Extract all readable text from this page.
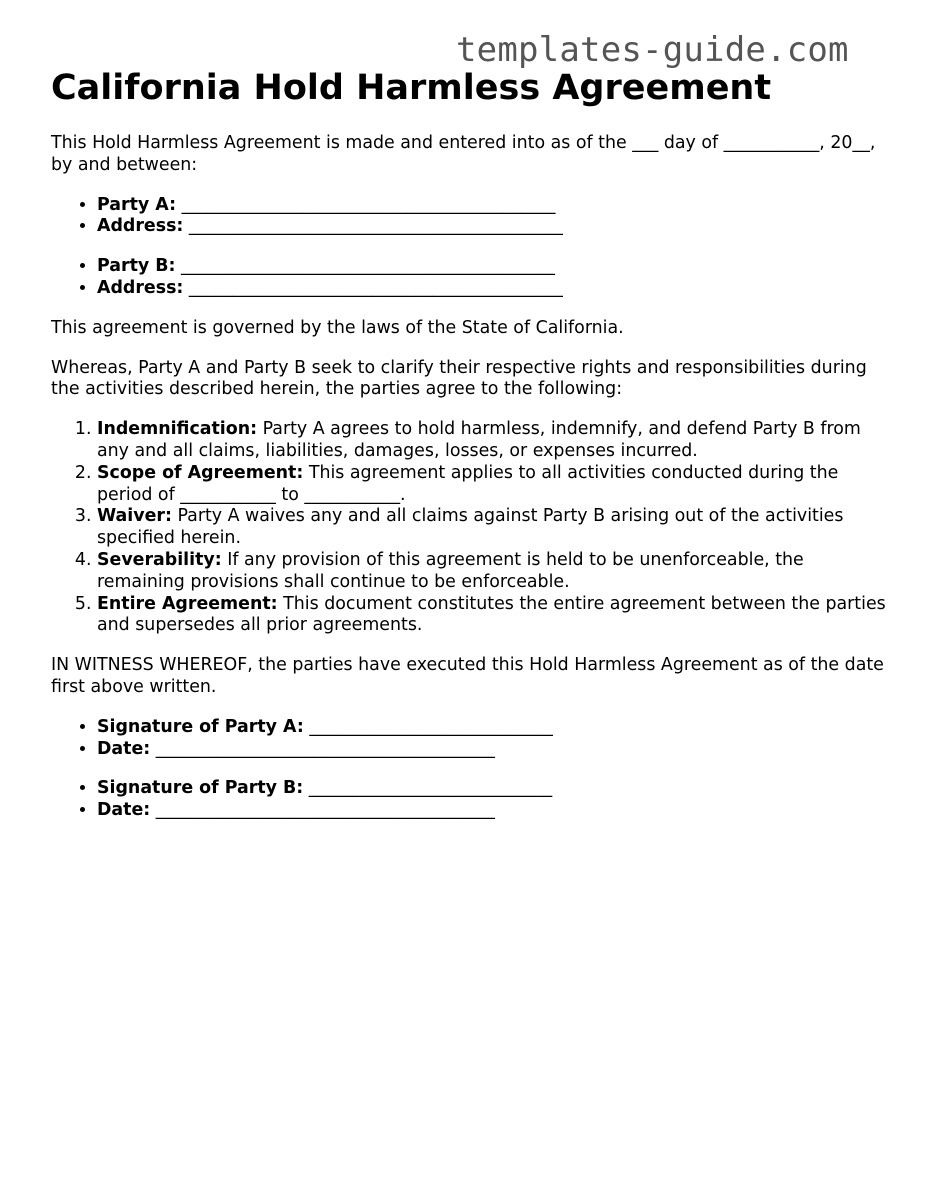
templates-guide.com
California Hold Harmless Agreement

This Hold Harmless Agreement is made and entered into as of the ___ day of ___________, 20__, by and between:

• Party A: ___________________________________________
• Address: ___________________________________________
• Party B: ___________________________________________
• Address: ___________________________________________

This agreement is governed by the laws of the State of California.

Whereas, Party A and Party B seek to clarify their respective rights and responsibilities during the activities described herein, the parties agree to the following:

1. Indemnification: Party A agrees to hold harmless, indemnify, and defend Party B from any and all claims, liabilities, damages, losses, or expenses incurred.
2. Scope of Agreement: This agreement applies to all activities conducted during the period of ___________ to ___________.
3. Waiver: Party A waives any and all claims against Party B arising out of the activities specified herein.
4. Severability: If any provision of this agreement is held to be unenforceable, the remaining provisions shall continue to be enforceable.
5. Entire Agreement: This document constitutes the entire agreement between the parties and supersedes all prior agreements.

IN WITNESS WHEREOF, the parties have executed this Hold Harmless Agreement as of the date first above written.

• Signature of Party A: ____________________________
• Date: _______________________________________
• Signature of Party B: ____________________________
• Date: _______________________________________
